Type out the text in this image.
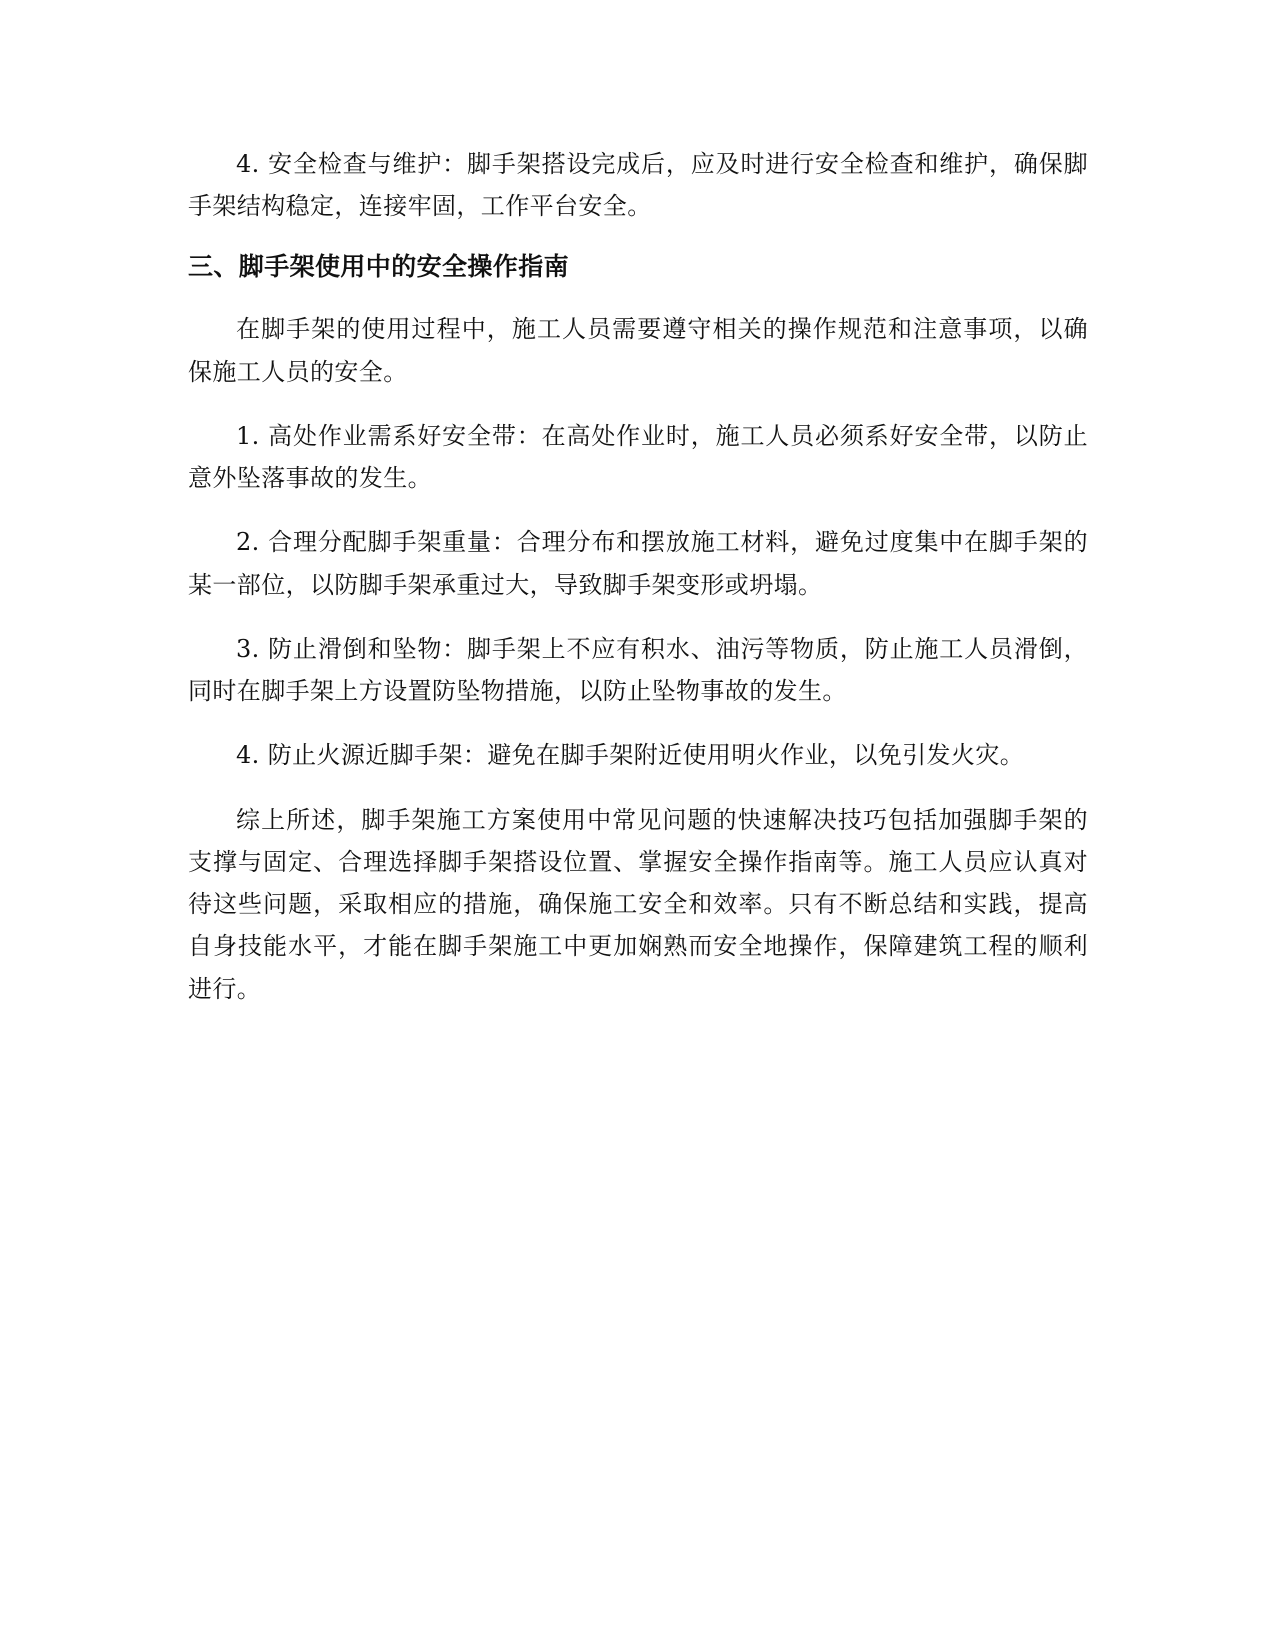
4. 安全检查与维护：脚手架搭设完成后，应及时进行安全检查和维护，确保脚手架结构稳定，连接牢固，工作平台安全。

三、脚手架使用中的安全操作指南

在脚手架的使用过程中，施工人员需要遵守相关的操作规范和注意事项，以确保施工人员的安全。

1. 高处作业需系好安全带：在高处作业时，施工人员必须系好安全带，以防止意外坠落事故的发生。

2. 合理分配脚手架重量：合理分布和摆放施工材料，避免过度集中在脚手架的某一部位，以防脚手架承重过大，导致脚手架变形或坍塌。

3. 防止滑倒和坠物：脚手架上不应有积水、油污等物质，防止施工人员滑倒，同时在脚手架上方设置防坠物措施，以防止坠物事故的发生。

4. 防止火源近脚手架：避免在脚手架附近使用明火作业，以免引发火灾。

综上所述，脚手架施工方案使用中常见问题的快速解决技巧包括加强脚手架的支撑与固定、合理选择脚手架搭设位置、掌握安全操作指南等。施工人员应认真对待这些问题，采取相应的措施，确保施工安全和效率。只有不断总结和实践，提高自身技能水平，才能在脚手架施工中更加娴熟而安全地操作，保障建筑工程的顺利进行。
